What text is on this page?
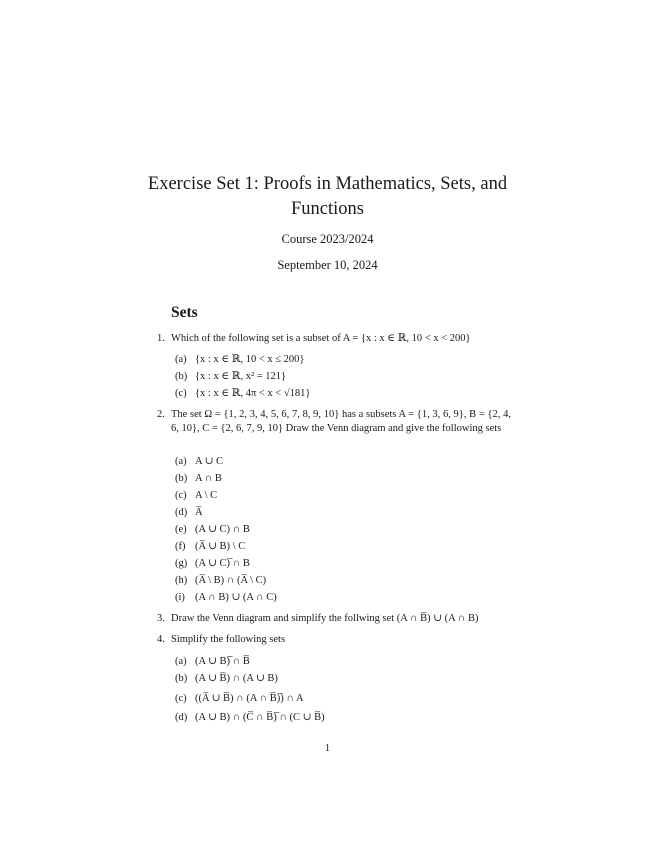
Exercise Set 1: Proofs in Mathematics, Sets, and Functions
Course 2023/2024
September 10, 2024
Sets
1. Which of the following set is a subset of A = {x : x ∈ ℝ, 10 < x < 200}
(a) {x : x ∈ ℝ, 10 < x ≤ 200}
(b) {x : x ∈ ℝ, x² = 121}
(c) {x : x ∈ ℝ, 4π < x < √181}
2. The set Ω = {1, 2, 3, 4, 5, 6, 7, 8, 9, 10} has a subsets A = {1, 3, 6, 9}, B = {2, 4, 6, 10}, C = {2, 6, 7, 9, 10} Draw the Venn diagram and give the following sets
(a) A ∪ C
(b) A ∩ B
(c) A \ C
(d) A̅
(e) (A ∪ C) ∩ B
(f) (A̅ ∪ B) \ C
(g) (A ∪ C)̅ ∩ B
(h) (A̅ \ B) ∩ (A̅ \ C)
(i) (A ∩ B) ∪ (A ∩ C)
3. Draw the Venn diagram and simplify the follwing set (A ∩ B̅) ∪ (A ∩ B)
4. Simplify the following sets
(a) (A ∪ B)̅ ∩ B̅
(b) (A ∪ B̅) ∩ (A ∪ B)
(c) ((A̅ ∪ B̅) ∩ (A ∩ B̅)̅) ∩ A
(d) (A ∪ B) ∩ (C̅ ∩ B̅)̅ ∩ (C ∪ B̅)
1
